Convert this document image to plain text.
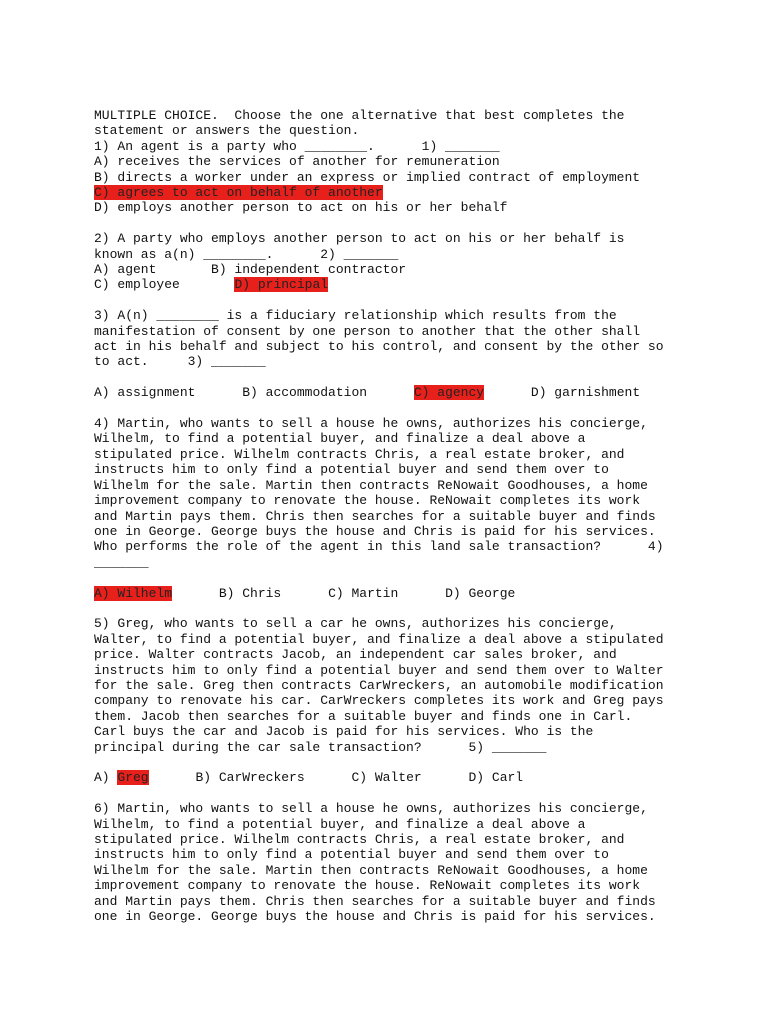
MULTIPLE CHOICE.  Choose the one alternative that best completes the
statement or answers the question.
1) An agent is a party who ________.      1) _______
A) receives the services of another for remuneration
B) directs a worker under an express or implied contract of employment
C) agrees to act on behalf of another
D) employs another person to act on his or her behalf
2) A party who employs another person to act on his or her behalf is
known as a(n) ________.      2) _______
A) agent	B) independent contractor
C) employee	D) principal
3) A(n) ________ is a fiduciary relationship which results from the
manifestation of consent by one person to another that the other shall
act in his behalf and subject to his control, and consent by the other so
to act.     3) _______
A) assignment	B) accommodation	C) agency	D) garnishment
4) Martin, who wants to sell a house he owns, authorizes his concierge,
Wilhelm, to find a potential buyer, and finalize a deal above a
stipulated price. Wilhelm contracts Chris, a real estate broker, and
instructs him to only find a potential buyer and send them over to
Wilhelm for the sale. Martin then contracts ReNowait Goodhouses, a home
improvement company to renovate the house. ReNowait completes its work
and Martin pays them. Chris then searches for a suitable buyer and finds
one in George. George buys the house and Chris is paid for his services.
Who performs the role of the agent in this land sale transaction?      4)
_______
A) Wilhelm	B) Chris	C) Martin	D) George
5) Greg, who wants to sell a car he owns, authorizes his concierge,
Walter, to find a potential buyer, and finalize a deal above a stipulated
price. Walter contracts Jacob, an independent car sales broker, and
instructs him to only find a potential buyer and send them over to Walter
for the sale. Greg then contracts CarWreckers, an automobile modification
company to renovate his car. CarWreckers completes its work and Greg pays
them. Jacob then searches for a suitable buyer and finds one in Carl.
Carl buys the car and Jacob is paid for his services. Who is the
principal during the car sale transaction?      5) _______
A) Greg	B) CarWreckers	C) Walter	D) Carl
6) Martin, who wants to sell a house he owns, authorizes his concierge,
Wilhelm, to find a potential buyer, and finalize a deal above a
stipulated price. Wilhelm contracts Chris, a real estate broker, and
instructs him to only find a potential buyer and send them over to
Wilhelm for the sale. Martin then contracts ReNowait Goodhouses, a home
improvement company to renovate the house. ReNowait completes its work
and Martin pays them. Chris then searches for a suitable buyer and finds
one in George. George buys the house and Chris is paid for his services.
